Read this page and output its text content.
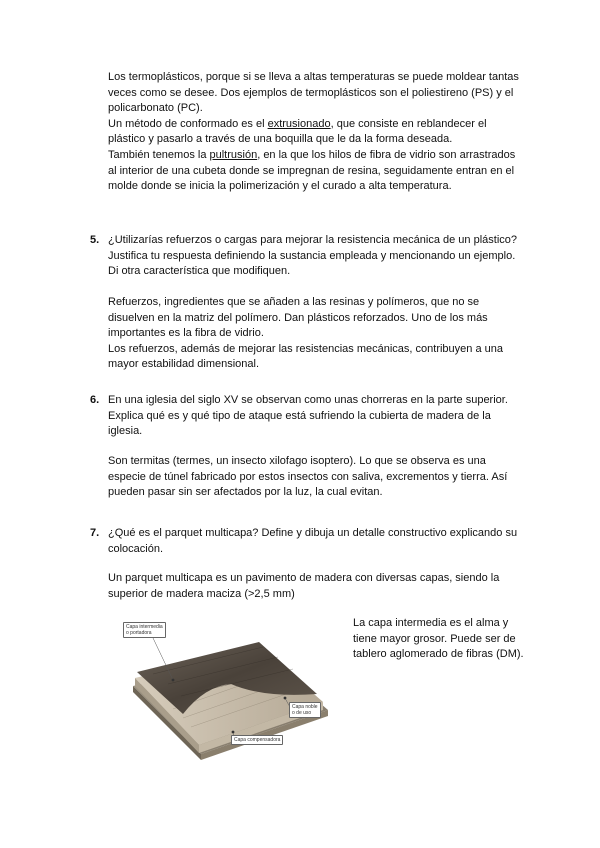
Los termoplásticos, porque si se lleva a altas temperaturas se puede moldear tantas
veces como se desee. Dos ejemplos de termoplásticos son el poliestireno (PS) y el
policarbonato (PC).
Un método de conformado es el extrusionado, que consiste en reblandecer el
plástico y pasarlo a través de una boquilla que le da la forma deseada.
También tenemos la pultrusión, en la que los hilos de fibra de vidrio son arrastrados
al interior de una cubeta donde se impregnan de resina, seguidamente entran en el
molde donde se inicia la polimerización y el curado a alta temperatura.
5. ¿Utilizarías refuerzos o cargas para mejorar la resistencia mecánica de un plástico?
Justifica tu respuesta definiendo la sustancia empleada y mencionando un ejemplo.
Di otra característica que modifiquen.
Refuerzos, ingredientes que se añaden a las resinas y polímeros, que no se
disuelven en la matriz del polímero. Dan plásticos reforzados. Uno de los más
importantes es la fibra de vidrio.
Los refuerzos, además de mejorar las resistencias mecánicas, contribuyen a una
mayor estabilidad dimensional.
6. En una iglesia del siglo XV se observan como unas chorreras en la parte superior.
Explica qué es y qué tipo de ataque está sufriendo la cubierta de madera de la
iglesia.
Son termitas (termes, un insecto xilofago isoptero). Lo que se observa es una
especie de túnel fabricado por estos insectos con saliva, excrementos y tierra. Así
pueden pasar sin ser afectados por la luz, la cual evitan.
7. ¿Qué es el parquet multicapa? Define y dibuja un detalle constructivo explicando su
colocación.
Un parquet multicapa es un pavimento de madera con diversas capas, siendo la
superior de madera maciza (>2,5 mm)
La capa intermedia es el alma y
tiene mayor grosor. Puede ser de
tablero aglomerado de fibras (DM).
Capa intermedia
o portadora
Capa noble
o de uso
Capa compensadora
